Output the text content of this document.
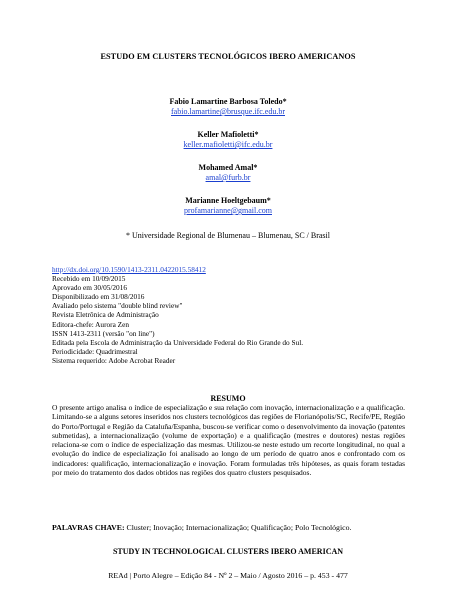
ESTUDO EM CLUSTERS TECNOLÓGICOS IBERO AMERICANOS
Fabio Lamartine Barbosa Toledo*
fabio.lamartine@brusque.ifc.edu.br
Keller Mafioletti*
keller.mafioletti@ifc.edu.br
Mohamed Amal*
amal@furb.br
Marianne Hoeltgebaum*
profamarianne@gmail.com
* Universidade Regional de Blumenau – Blumenau, SC / Brasil
http://dx.doi.org/10.1590/1413-2311.0422015.58412
Recebido em 10/09/2015
Aprovado em 30/05/2016
Disponibilizado em 31/08/2016
Avaliado pelo sistema "double blind review"
Revista Eletrônica de Administração
Editora-chefe: Aurora Zen
ISSN 1413-2311 (versão "on line")
Editada pela Escola de Administração da Universidade Federal do Rio Grande do Sul.
Periodicidade: Quadrimestral
Sistema requerido: Adobe Acrobat Reader
RESUMO
O presente artigo analisa o índice de especialização e sua relação com inovação, internacionalização e a qualificação. Limitando-se a alguns setores inseridos nos clusters tecnológicos das regiões de Florianópolis/SC, Recife/PE, Região do Porto/Portugal e Região da Cataluña/Espanha, buscou-se verificar como o desenvolvimento da inovação (patentes submetidas), a internacionalização (volume de exportação) e a qualificação (mestres e doutores) nestas regiões relaciona-se com o índice de especialização das mesmas. Utilizou-se neste estudo um recorte longitudinal, no qual a evolução do índice de especialização foi analisado ao longo de um período de quatro anos e confrontado com os indicadores: qualificação, internacionalização e inovação. Foram formuladas três hipóteses, as quais foram testadas por meio do tratamento dos dados obtidos nas regiões dos quatro clusters pesquisados.
PALAVRAS CHAVE: Cluster; Inovação; Internacionalização; Qualificação; Polo Tecnológico.
STUDY IN TECHNOLOGICAL CLUSTERS IBERO AMERICAN
REAd | Porto Alegre – Edição 84 - Nº 2 – Maio / Agosto 2016 – p. 453 - 477
